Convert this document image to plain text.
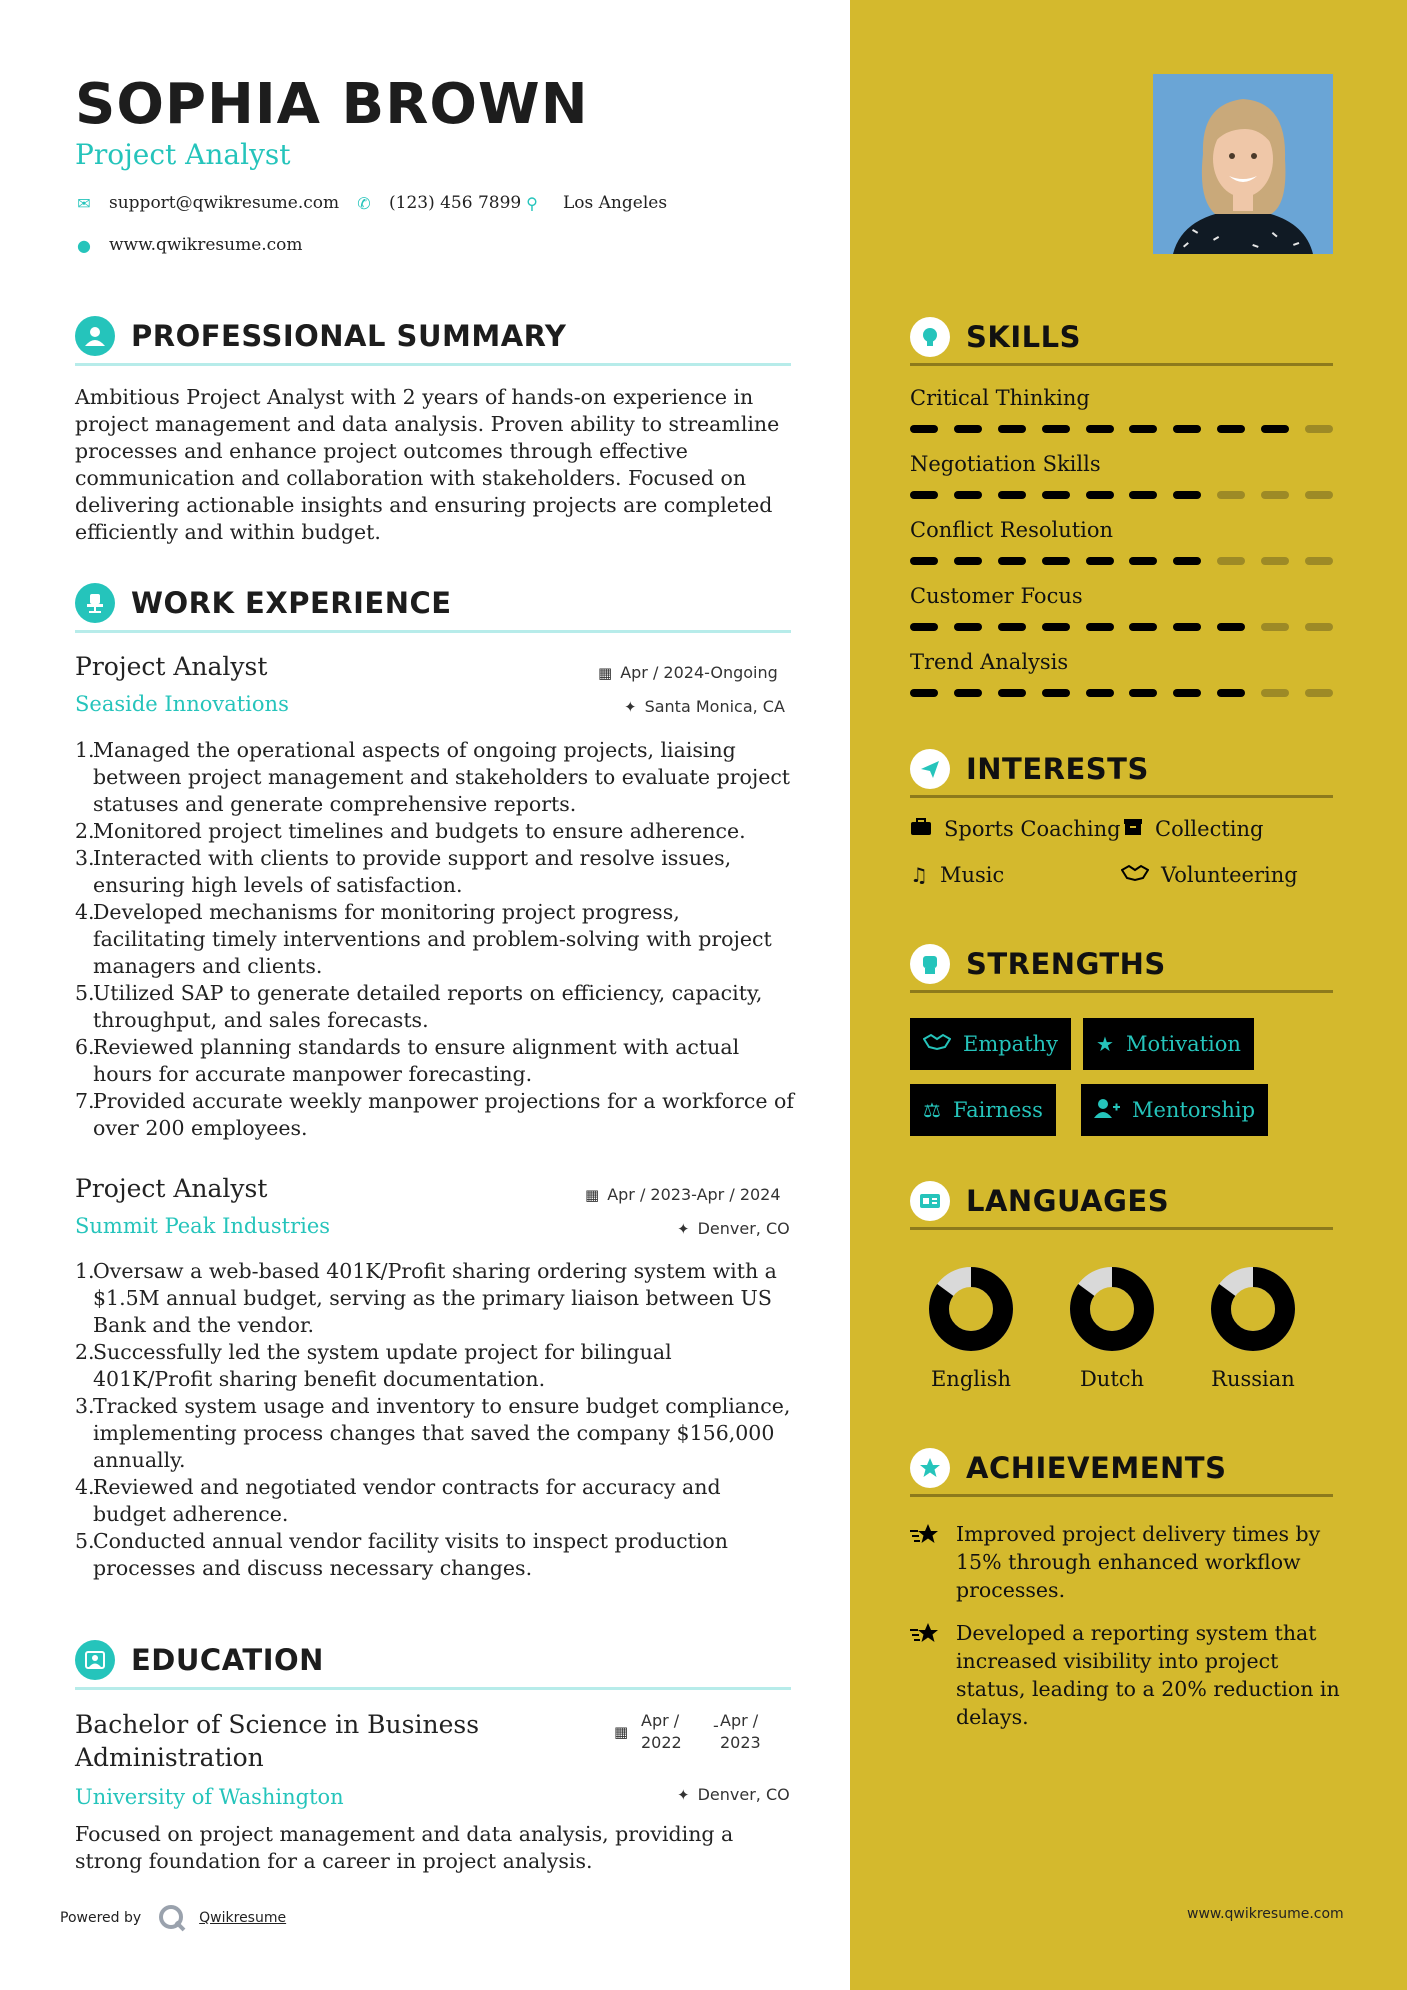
SOPHIA BROWN
Project Analyst
✉ support@qwikresume.com ✆ (123) 456 7899 ⚲ Los Angeles
● www.qwikresume.com
PROFESSIONAL SUMMARY
Ambitious Project Analyst with 2 years of hands-on experience in project management and data analysis. Proven ability to streamline processes and enhance project outcomes through effective communication and collaboration with stakeholders. Focused on delivering actionable insights and ensuring projects are completed efficiently and within budget.
WORK EXPERIENCE
Project Analyst
Seaside Innovations
▦ Apr / 2024-Ongoing
✦ Santa Monica, CA
Managed the operational aspects of ongoing projects, liaising between project management and stakeholders to evaluate project statuses and generate comprehensive reports.
Monitored project timelines and budgets to ensure adherence.
Interacted with clients to provide support and resolve issues, ensuring high levels of satisfaction.
Developed mechanisms for monitoring project progress, facilitating timely interventions and problem-solving with project managers and clients.
Utilized SAP to generate detailed reports on efficiency, capacity, throughput, and sales forecasts.
Reviewed planning standards to ensure alignment with actual hours for accurate manpower forecasting.
Provided accurate weekly manpower projections for a workforce of over 200 employees.
Project Analyst
Summit Peak Industries
▦ Apr / 2023-Apr / 2024
✦ Denver, CO
Oversaw a web-based 401K/Profit sharing ordering system with a $1.5M annual budget, serving as the primary liaison between US Bank and the vendor.
Successfully led the system update project for bilingual 401K/Profit sharing benefit documentation.
Tracked system usage and inventory to ensure budget compliance, implementing process changes that saved the company $156,000 annually.
Reviewed and negotiated vendor contracts for accuracy and budget adherence.
Conducted annual vendor facility visits to inspect production processes and discuss necessary changes.
EDUCATION
Bachelor of Science in Business
Administration
▦
Apr /
2022
- Apr /
2023
University of Washington	✦ Denver, CO
Focused on project management and data analysis, providing a strong foundation for a career in project analysis.
Powered by	Qwikresume	www.qwikresume.com
SKILLS
Critical Thinking
Negotiation Skills
Conflict Resolution
Customer Focus
Trend Analysis
INTERESTS
Sports Coaching Collecting
♫ Music	Volunteering
STRENGTHS
Empathy ★ Motivation
⚖ Fairness	Mentorship
LANGUAGES
English	Dutch	Russian
ACHIEVEMENTS
Improved project delivery times by 15% through enhanced workflow processes.
Developed a reporting system that increased visibility into project status, leading to a 20% reduction in delays.
